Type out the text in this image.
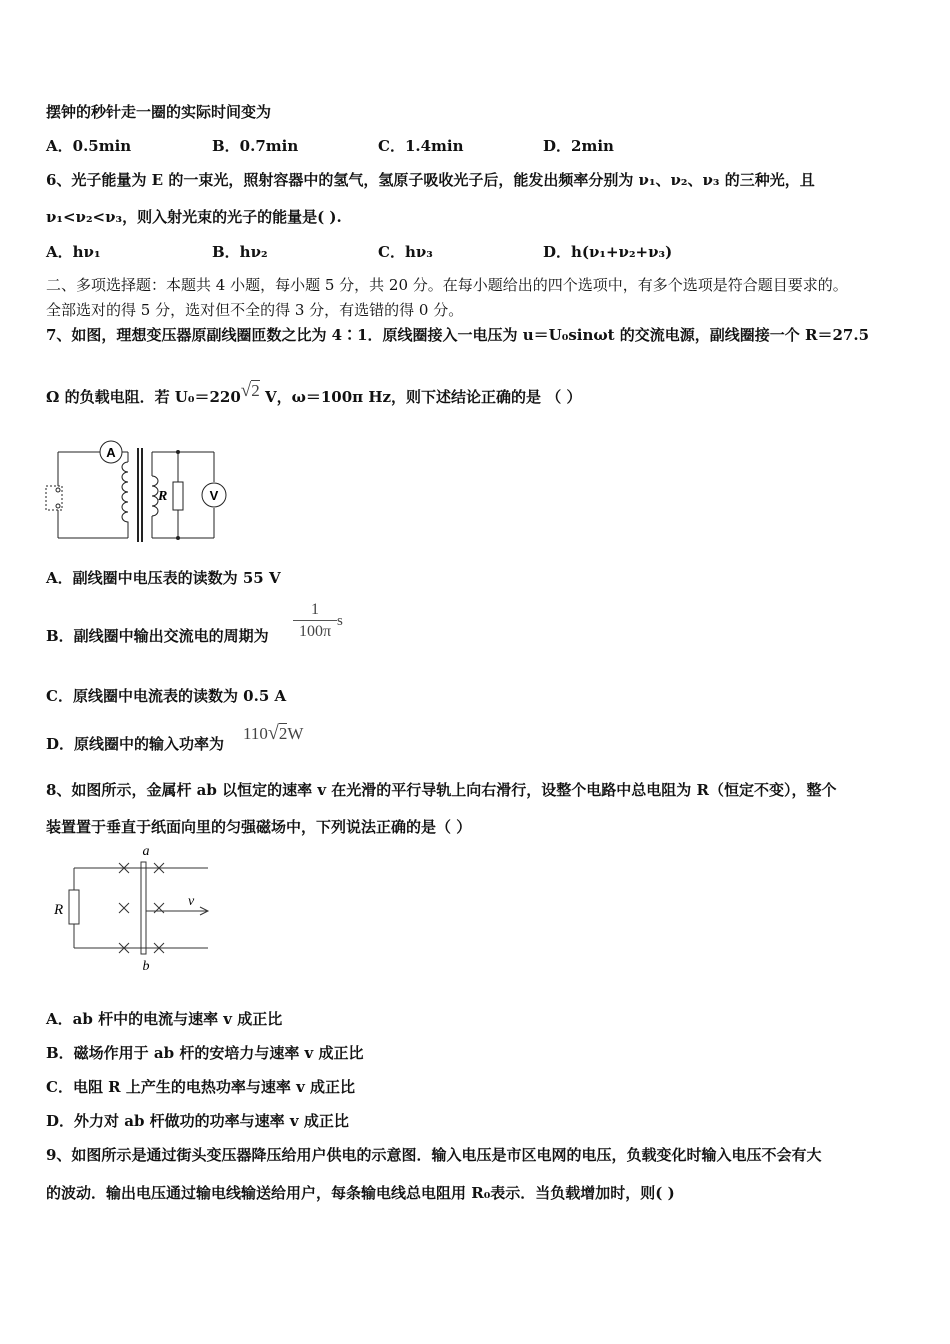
摆钟的秒针走一圈的实际时间变为
A．0.5min	B．0.7min	C．1.4min	D．2min
6、光子能量为 E 的一束光，照射容器中的氢气，氢原子吸收光子后，能发出频率分别为 ν₁、ν₂、ν₃ 的三种光，且
ν₁<ν₂<ν₃，则入射光束的光子的能量是( ).
A．hν₁	B．hν₂	C．hν₃	D．h(ν₁+ν₂+ν₃)
二、多项选择题：本题共 4 小题，每小题 5 分，共 20 分。在每小题给出的四个选项中，有多个选项是符合题目要求的。
全部选对的得 5 分，选对但不全的得 3 分，有选错的得 0 分。
7、如图，理想变压器原副线圈匝数之比为 4∶1．原线圈接入一电压为 u＝U₀sinωt 的交流电源，副线圈接一个 R＝27.5
Ω 的负载电阻．若 U₀＝220√2 V，ω＝100π Hz，则下述结论正确的是 （ ）
A
R	V
A．副线圈中电压表的读数为 55 V
B．副线圈中输出交流电的周期为 $\frac{1}{100\pi}$ s
C．原线圈中电流表的读数为 0.5 A
D．原线圈中的输入功率为
110√2W
8、如图所示，金属杆 ab 以恒定的速率 v 在光滑的平行导轨上向右滑行，设整个电路中总电阻为 R（恒定不变），整个
装置置于垂直于纸面向里的匀强磁场中，下列说法正确的是（ ）
a
b
R
v
A．ab 杆中的电流与速率 v 成正比
B．磁场作用于 ab 杆的安培力与速率 v 成正比
C．电阻 R 上产生的电热功率与速率 v 成正比
D．外力对 ab 杆做功的功率与速率 v 成正比
9、如图所示是通过街头变压器降压给用户供电的示意图．输入电压是市区电网的电压，负载变化时输入电压不会有大
的波动．输出电压通过输电线输送给用户，每条输电线总电阻用 R₀表示．当负载增加时，则( )
